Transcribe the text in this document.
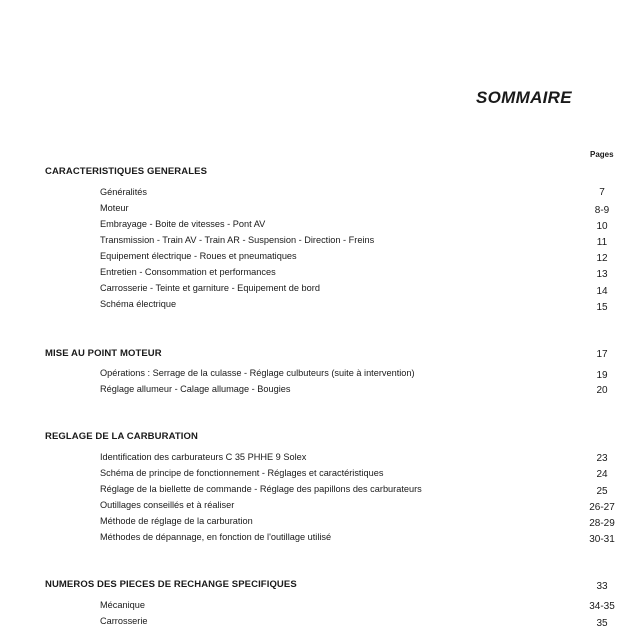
SOMMAIRE
Pages
CARACTERISTIQUES GENERALES
Généralités	7
Moteur	8-9
Embrayage - Boite de vitesses - Pont AV	10
Transmission - Train AV - Train AR - Suspension - Direction - Freins	11
Equipement électrique - Roues et pneumatiques	12
Entretien - Consommation et performances	13
Carrosserie - Teinte et garniture - Equipement de bord	14
Schéma électrique	15
MISE AU POINT MOTEUR	17
Opérations : Serrage de la culasse - Réglage culbuteurs (suite à intervention)	19
Réglage allumeur - Calage allumage - Bougies	20
REGLAGE DE LA CARBURATION
Identification des carburateurs C 35 PHHE 9 Solex	23
Schéma de principe de fonctionnement - Réglages et caractéristiques	24
Réglage de la biellette de commande - Réglage des papillons des carburateurs	25
Outillages conseillés et à réaliser	26-27
Méthode de réglage de la carburation	28-29
Méthodes de dépannage, en fonction de l'outillage utilisé	30-31
NUMEROS DES PIECES DE RECHANGE SPECIFIQUES	33
Mécanique	34-35
Carrosserie	35
